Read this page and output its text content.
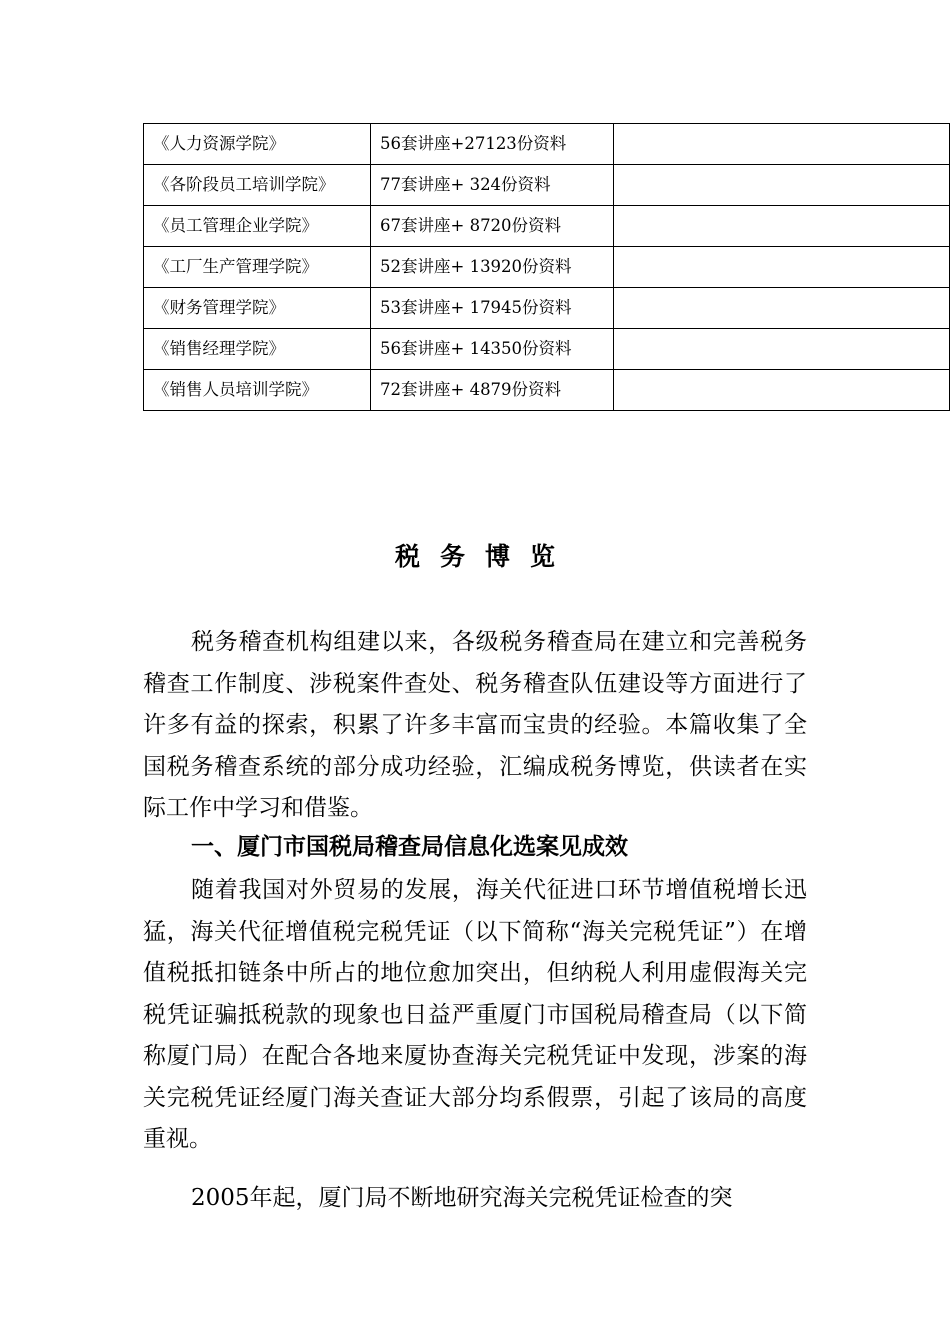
《人力资源学院》	56套讲座+27123份资料	
《各阶段员工培训学院》	77套讲座+ 324份资料	
《员工管理企业学院》	67套讲座+ 8720份资料	
《工厂生产管理学院》	52套讲座+ 13920份资料	
《财务管理学院》	53套讲座+ 17945份资料	
《销售经理学院》	56套讲座+ 14350份资料	
《销售人员培训学院》	72套讲座+ 4879份资料	
税务博览

税务稽查机构组建以来，各级税务稽查局在建立和完善税务稽查工作制度、涉税案件查处、税务稽查队伍建设等方面进行了许多有益的探索，积累了许多丰富而宝贵的经验。本篇收集了全国税务稽查系统的部分成功经验，汇编成税务博览，供读者在实际工作中学习和借鉴。

一、厦门市国税局稽查局信息化选案见成效

随着我国对外贸易的发展，海关代征进口环节增值税增长迅猛，海关代征增值税完税凭证（以下简称“海关完税凭证”）在增值税抵扣链条中所占的地位愈加突出，但纳税人利用虚假海关完税凭证骗抵税款的现象也日益严重厦门市国税局稽查局（以下简称厦门局）在配合各地来厦协查海关完税凭证中发现，涉案的海关完税凭证经厦门海关查证大部分均系假票，引起了该局的高度重视。

2005年起，厦门局不断地研究海关完税凭证检查的突
